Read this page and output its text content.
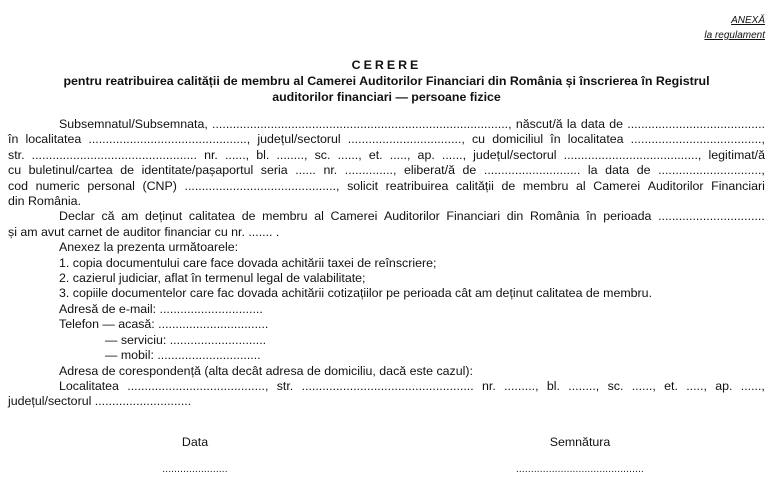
ANEXĂ
la regulament
CERERE
pentru reatribuirea calității de membru al Camerei Auditorilor Financiari din România și înscrierea în Registrul
auditorilor financiari — persoane fizice
Subsemnatul/Subsemnata, ......................................................................................, născut/ă la data de ........................................
în localitatea .............................................., județul/sectorul ................................., cu domiciliul în localitatea ......................................,
str. ................................................ nr. ......, bl. ........, sc. ......, et. ....., ap. ......, județul/sectorul ......................................., legitimat/ă
cu buletinul/cartea de identitate/pașaportul seria ...... nr. .............., eliberat/ă de ............................ la data de ..............................,
cod numeric personal (CNP) ............................................, solicit reatribuirea calității de membru al Camerei Auditorilor Financiari
din România.
Declar că am deținut calitatea de membru al Camerei Auditorilor Financiari din România în perioada ...............................
și am avut carnet de auditor financiar cu nr. ....... .
Anexez la prezenta următoarele:
1. copia documentului care face dovada achitării taxei de reînscriere;
2. cazierul judiciar, aflat în termenul legal de valabilitate;
3. copiile documentelor care fac dovada achitării cotizațiilor pe perioada cât am deținut calitatea de membru.
Adresă de e-mail: ..............................
Telefon — acasă: ................................
— serviciu: ............................
— mobil: ..............................
Adresa de corespondență (alta decât adresa de domiciliu, dacă este cazul):
Localitatea ........................................, str. .................................................. nr. ........., bl. ........, sc. ......, et. ....., ap. ......,
județul/sectorul ............................
Data
......................
Semnătura
...........................................
